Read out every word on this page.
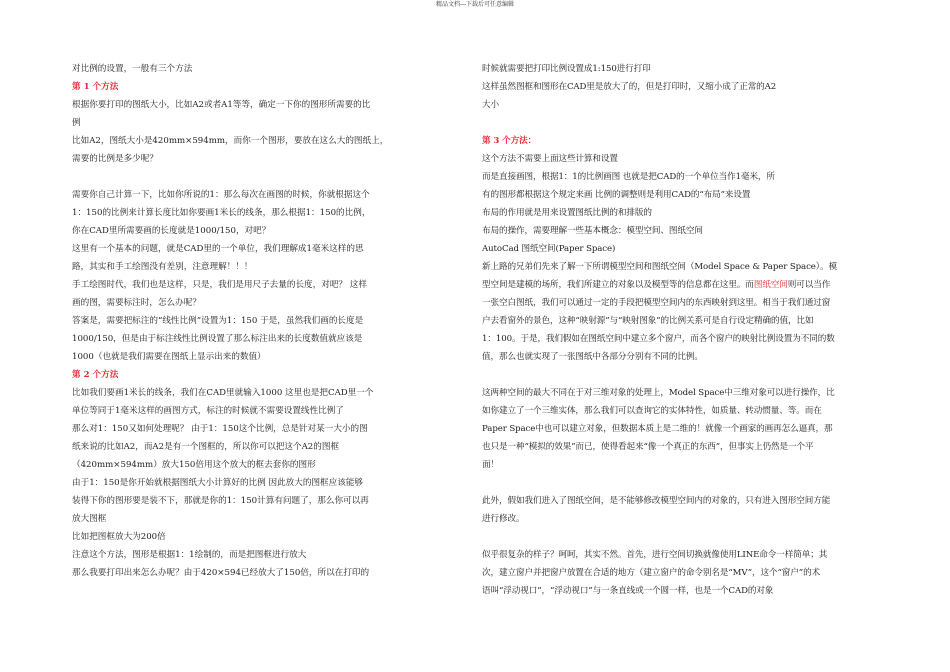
精品文档---下载后可任意编辑

对比例的设置，一般有三个方法

第 1 个方法

根据你要打印的图纸大小，比如A2或者A1等等，确定一下你的图形所需要的比

例

比如A2，图纸大小是420mm×594mm，而你一个图形，要放在这么大的图纸上，

需要的比例是多少呢？

需要你自己计算一下，比如你所说的1：那么每次在画图的时候，你就根据这个

1：150的比例来计算长度比如你要画1米长的线条，那么根据1：150的比例，

你在CAD里所需要画的长度就是1000/150，对吧？

这里有一个基本的问题，就是CAD里的一个单位，我们理解成1毫米这样的思

路，其实和手工绘图没有差别，注意理解！！！

手工绘图时代，我们也是这样，只是，我们是用尺子去量的长度，对吧？ 这样

画的图，需要标注时，怎么办呢？

答案是，需要把标注的“线性比例”设置为1：150 于是，虽然我们画的长度是

1000/150，但是由于标注线性比例设置了那么标注出来的长度数值就应该是

1000（也就是我们需要在图纸上显示出来的数值）

第 2 个方法

比如我们要画1米长的线条，我们在CAD里就输入1000 这里也是把CAD里一个

单位等同于1毫米这样的画图方式，标注的时候就不需要设置线性比例了

那么对1：150又如何处理呢？ 由于1：150这个比例，总是针对某一大小的图

纸来说的比如A2，而A2是有一个图框的，所以你可以把这个A2的图框

（420mm×594mm）放大150倍用这个放大的框去套你的图形

由于1：150是你开始就根据图纸大小计算好的比例 因此放大的图框应该能够

装得下你的图形要是装不下，那就是你的1：150计算有问题了，那么你可以再

放大图框

比如把图框放大为200倍

注意这个方法，图形是根据1：1绘制的，而是把图框进行放大

那么我要打印出来怎么办呢？由于420×594已经放大了150倍，所以在打印的

时候就需要把打印比例设置成1:150进行打印

这样虽然图框和图形在CAD里是放大了的，但是打印时，又缩小成了正常的A2

大小

第 3 个方法：

这个方法不需要上面这些计算和设置

而是直接画图，根据1：1的比例画图 也就是把CAD的一个单位当作1毫米，所

有的图形都根据这个规定来画 比例的调整则是利用CAD的“布局”来设置

布局的作用就是用来设置图纸比例的和排版的

布局的操作，需要理解一些基本概念：模型空间、图纸空间

AutoCad 图纸空间(Paper Space)

新上路的兄弟们先来了解一下所谓模型空间和图纸空间（Model Space & Paper Space）。模

型空间是建模的场所，我们所建立的对象以及模型等的信息都在这里。而图纸空间则可以当作

一张空白图纸，我们可以通过一定的手段把模型空间内的东西映射到这里。相当于我们通过窗

户去看窗外的景色，这种“映射源”与“映射图象”的比例关系可是自行设定精确的值，比如

1：100。于是，我们假如在图纸空间中建立多个窗户，而各个窗户的映射比例设置为不同的数

值，那么也就实现了一张图纸中各部分分别有不同的比例。

这两种空间的最大不同在于对三维对象的处理上，Model Space中三维对象可以进行操作，比

如你建立了一个三维实体，那么我们可以查询它的实体特性，如质量、转动惯量、等。而在

Paper Space中也可以建立对象，但数据本质上是二维的！就像一个画家的画再怎么逼真，那

也只是一种“模拟的效果”而已，使得看起来“像一个真正的东西”，但事实上仍然是一个平

面！

此外，假如我们进入了图纸空间，是不能够修改模型空间内的对象的，只有进入图形空间方能

进行修改。

似乎很复杂的样子？呵呵，其实不然。首先，进行空间切换就像使用LINE命令一样简单；其

次，建立窗户并把窗户放置在合适的地方（建立窗户的命令别名是“MV”，这个“窗户”的术

语叫“浮动视口”，“浮动视口”与一条直线或一个圆一样，也是一个CAD的对象
